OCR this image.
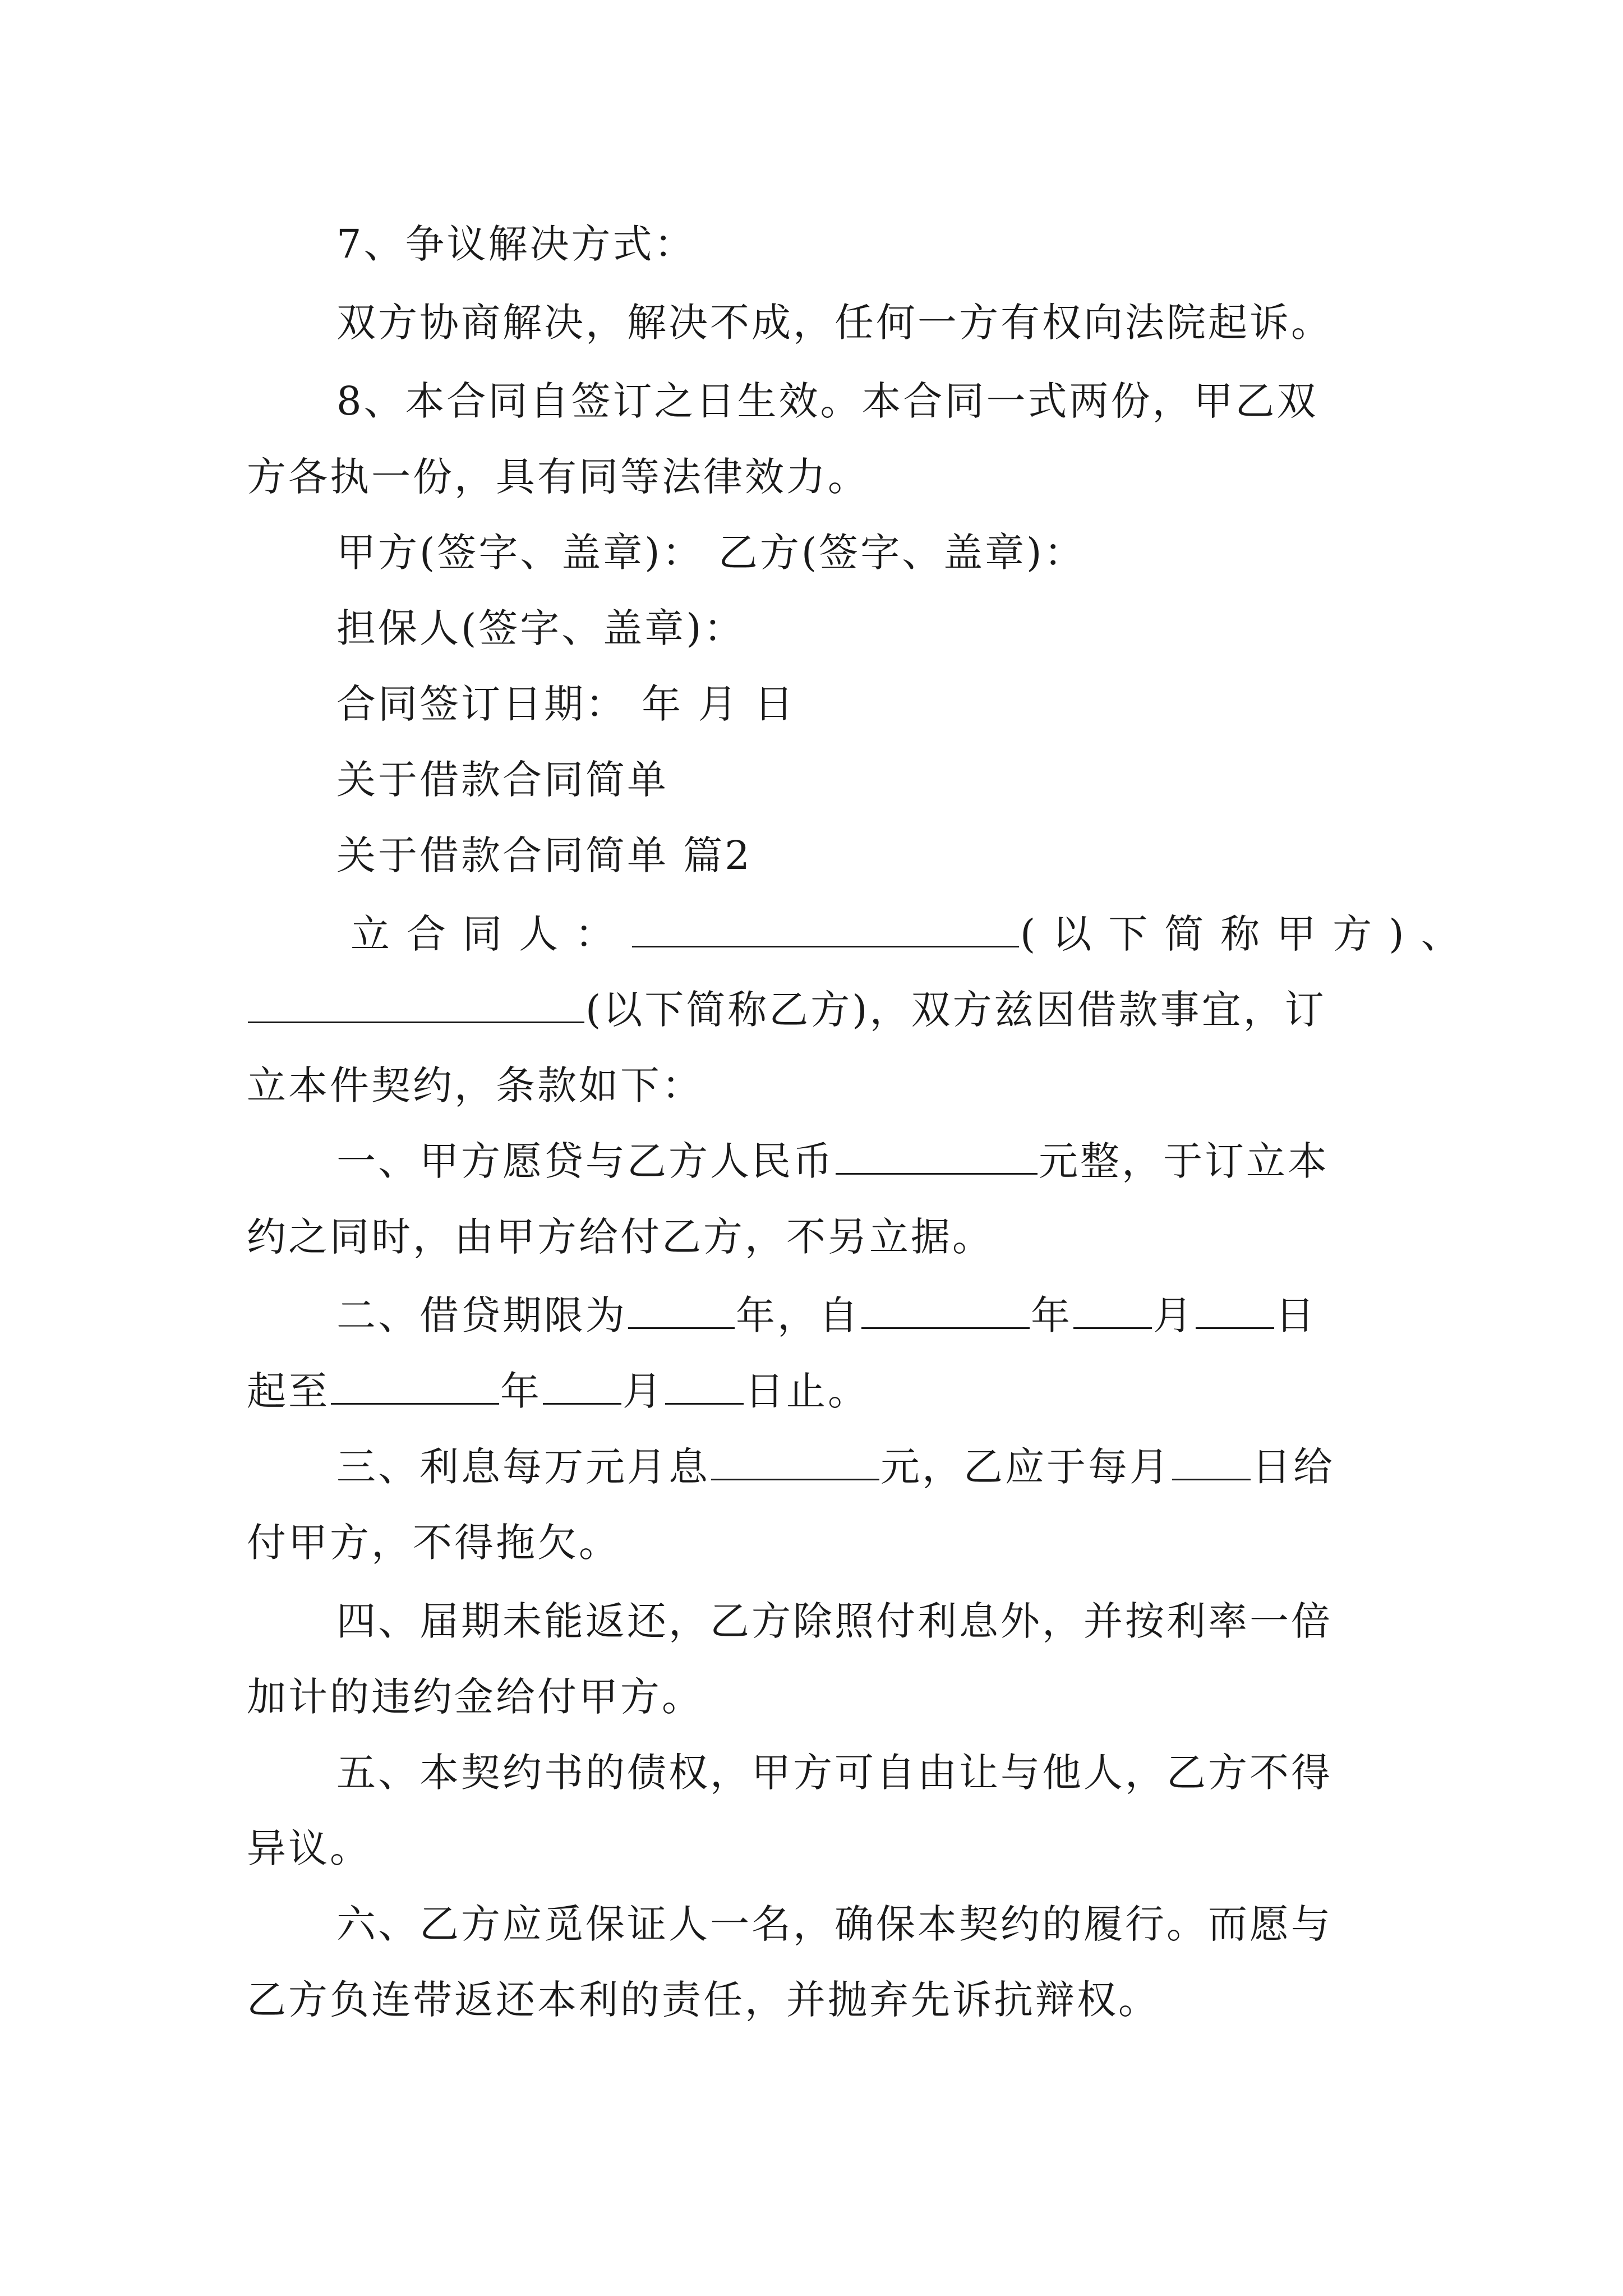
7、争议解决方式：
双方协商解决，解决不成，任何一方有权向法院起诉。
8、本合同自签订之日生效。本合同一式两份，甲乙双
方各执一份，具有同等法律效力。
甲方(签字、盖章)： 乙方(签字、盖章)：
担保人(签字、盖章)：
合同签订日期： 年 月 日
关于借款合同简单
关于借款合同简单 篇2
立合同人：	(以下简称甲方)、
(以下简称乙方)，双方兹因借款事宜，订
立本件契约，条款如下：
一、甲方愿贷与乙方人民币	元整，于订立本
约之同时，由甲方给付乙方，不另立据。
二、借贷期限为	年，自	年 月 日
起至	年 月 日止。
三、利息每万元月息	元，乙应于每月 日给
付甲方，不得拖欠。
四、届期未能返还，乙方除照付利息外，并按利率一倍
加计的违约金给付甲方。
五、本契约书的债权，甲方可自由让与他人，乙方不得
异议。
六、乙方应觅保证人一名，确保本契约的履行。而愿与
乙方负连带返还本利的责任，并抛弃先诉抗辩权。
